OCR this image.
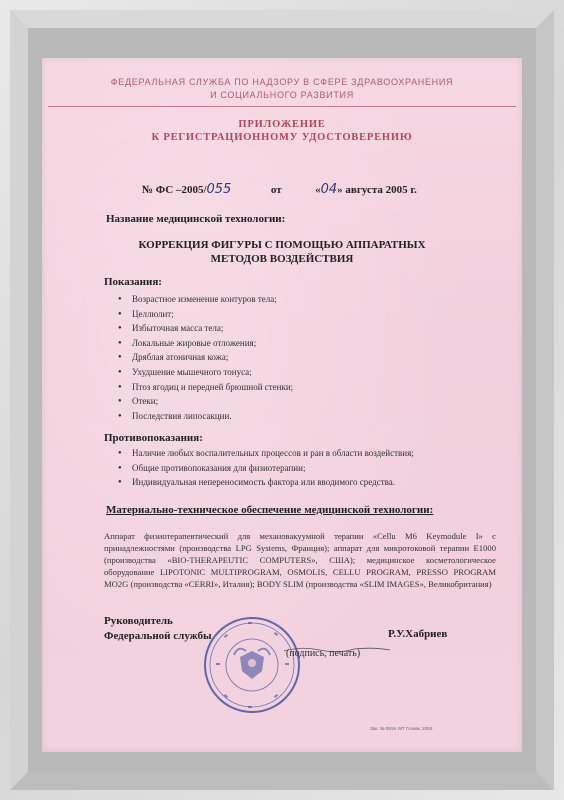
ФЕДЕРАЛЬНАЯ СЛУЖБА ПО НАДЗОРУ В СФЕРЕ ЗДРАВООХРАНЕНИЯ
И СОЦИАЛЬНОГО РАЗВИТИЯ
ПРИЛОЖЕНИЕ
К РЕГИСТРАЦИОННОМУ УДОСТОВЕРЕНИЮ
№ ФС –2005/055	от	«04» августа 2005 г.
Название медицинской технологии:
КОРРЕКЦИЯ ФИГУРЫ С ПОМОЩЬЮ АППАРАТНЫХ
МЕТОДОВ ВОЗДЕЙСТВИЯ
Показания:
● Возрастное изменение контуров тела;
● Целлюлит;
● Избыточная масса тела;
● Локальные жировые отложения;
● Дряблая атоничная кожа;
● Ухудшение мышечного тонуса;
● Птоз ягодиц и передней брюшной стенки;
● Отеки;
● Последствия липосакции.
Противопоказания:
● Наличие любых воспалительных процессов и ран в области воздействия;
● Общие противопоказания для физиотерапии;
● Индивидуальная непереносимость фактора или вводимого средства.
Материально-техническое обеспечение медицинской технологии:
Аппарат физиотерапевтический для механовакуумной терапии «Cellu M6 Keymodule I» с принадлежностями (производства LPG Systems, Франция); аппарат для микротоковой терапии Е1000 (производства «BIO-THERAPEUTIC COMPUTERS», США); медицинское косметологическое оборудование LIPOTONIC MULTIPROGRAM, OSMOLIS, CELLU PROGRAM, PRESSO PROGRAM MO2G (производства «CERRI», Италия); BODY SLIM (производства «SLIM IMAGES», Великобритания)
Руководитель
Федеральной службы	Р.У.Хабриев
(подпись, печать)
Зак. № 0919. МТ Гознак, 2004.
